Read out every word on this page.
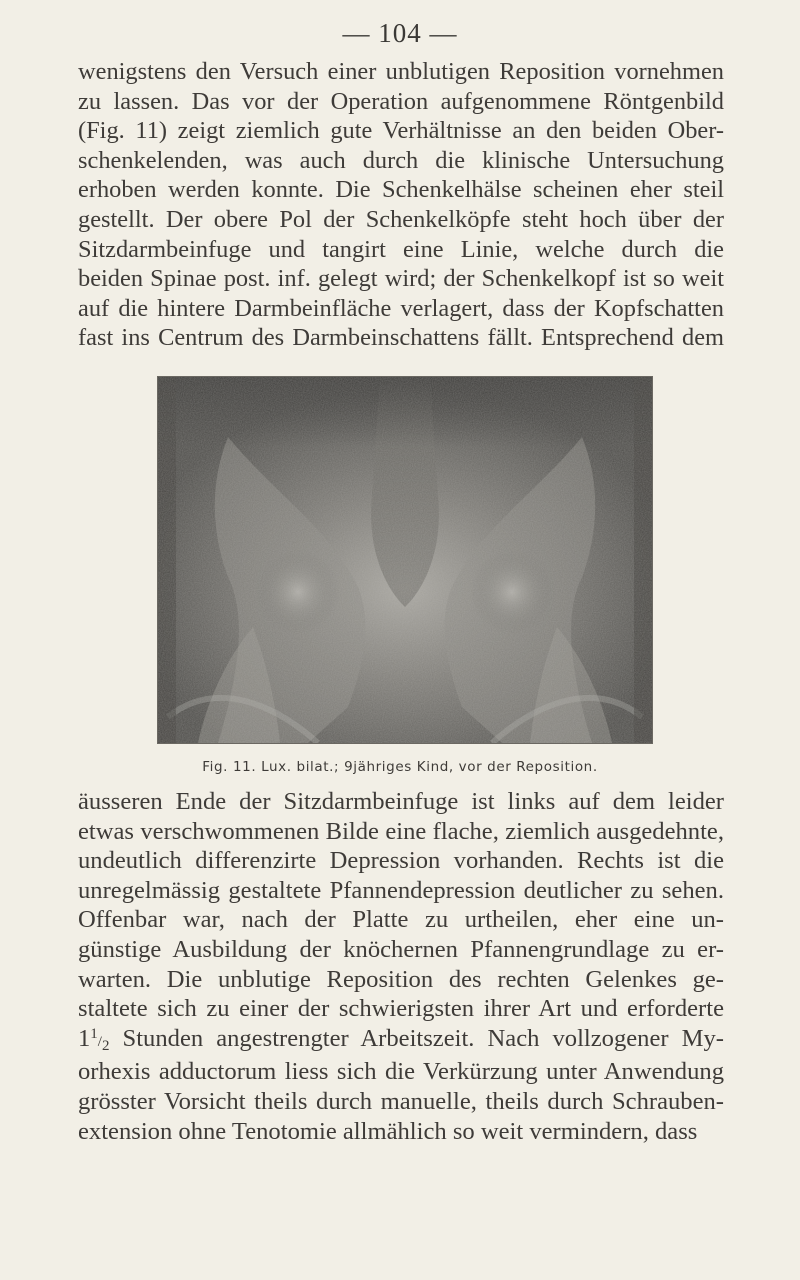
— 104 —
wenigstens den Versuch einer unblutigen Reposition vornehmen
zu lassen. Das vor der Operation aufgenommene Röntgenbild
(Fig. 11) zeigt ziemlich gute Verhältnisse an den beiden Ober-
schenkelenden, was auch durch die klinische Untersuchung
erhoben werden konnte. Die Schenkelhälse scheinen eher steil
gestellt. Der obere Pol der Schenkelköpfe steht hoch über der
Sitzdarmbeinfuge und tangirt eine Linie, welche durch die
beiden Spinae post. inf. gelegt wird; der Schenkelkopf ist so weit
auf die hintere Darmbeinfläche verlagert, dass der Kopfschatten
fast ins Centrum des Darmbeinschattens fällt. Entsprechend dem
Fig. 11. Lux. bilat.; 9jähriges Kind, vor der Reposition.
äusseren Ende der Sitzdarmbeinfuge ist links auf dem leider
etwas verschwommenen Bilde eine flache, ziemlich ausgedehnte,
undeutlich differenzirte Depression vorhanden. Rechts ist die
unregelmässig gestaltete Pfannendepression deutlicher zu sehen.
Offenbar war, nach der Platte zu urtheilen, eher eine un-
günstige Ausbildung der knöchernen Pfannengrundlage zu er-
warten. Die unblutige Reposition des rechten Gelenkes ge-
staltete sich zu einer der schwierigsten ihrer Art und erforderte
11/2 Stunden angestrengter Arbeitszeit. Nach vollzogener My-
orhexis adductorum liess sich die Verkürzung unter Anwendung
grösster Vorsicht theils durch manuelle, theils durch Schrauben-
extension ohne Tenotomie allmählich so weit vermindern, dass
